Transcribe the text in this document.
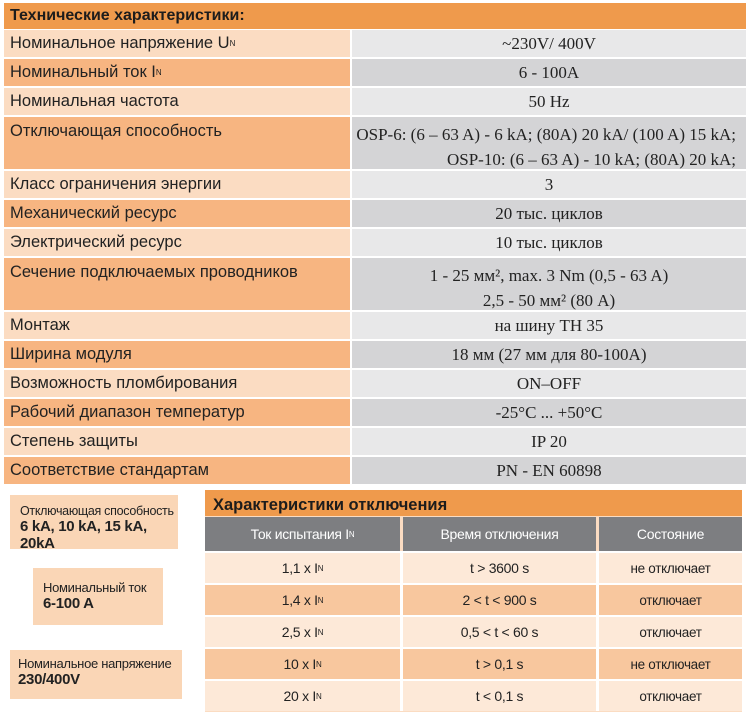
Технические характеристики:
Номинальное напряжение U N	~230V/ 400V
Номинальный ток I N	6 - 100A
Номинальная частота	50 Hz
Отключающая способность	OSP-6: (6 – 63 A) - 6 kA; (80A) 20 kA/ (100 A) 15 kA;
OSP-10: (6 – 63 A) - 10 kA; (80A) 20 kA;
Класс ограничения энергии	3
Механический ресурс	20 тыс. циклов
Электрический ресурс	10 тыс. циклов
Сечение подключаемых проводников	1 - 25 мм², max. 3 Nm (0,5 - 63 A)
2,5 - 50 мм² (80 A)
Монтаж	на шину TH 35
Ширина модуля	18 мм (27 мм для 80-100A)
Возможность пломбирования	ON–OFF
Рабочий диапазон температур	-25°C ... +50°C
Степень защиты	IP 20
Соответствие стандартам	PN - EN 60898
Отключающая способность
6 kA, 10 kA, 15 kA, 20kA
Номинальный ток
6-100 A
Номинальное напряжение
230/400V
Характеристики отключения
Ток испытания I N	Время отключения	Состояние
1,1 x I N	t > 3600 s	не отключает
1,4 x I N	2 < t < 900 s	отключает
2,5 x I N	0,5 < t < 60 s	отключает
10 x I N	t > 0,1 s	не отключает
20 x I N	t < 0,1 s	отключает
